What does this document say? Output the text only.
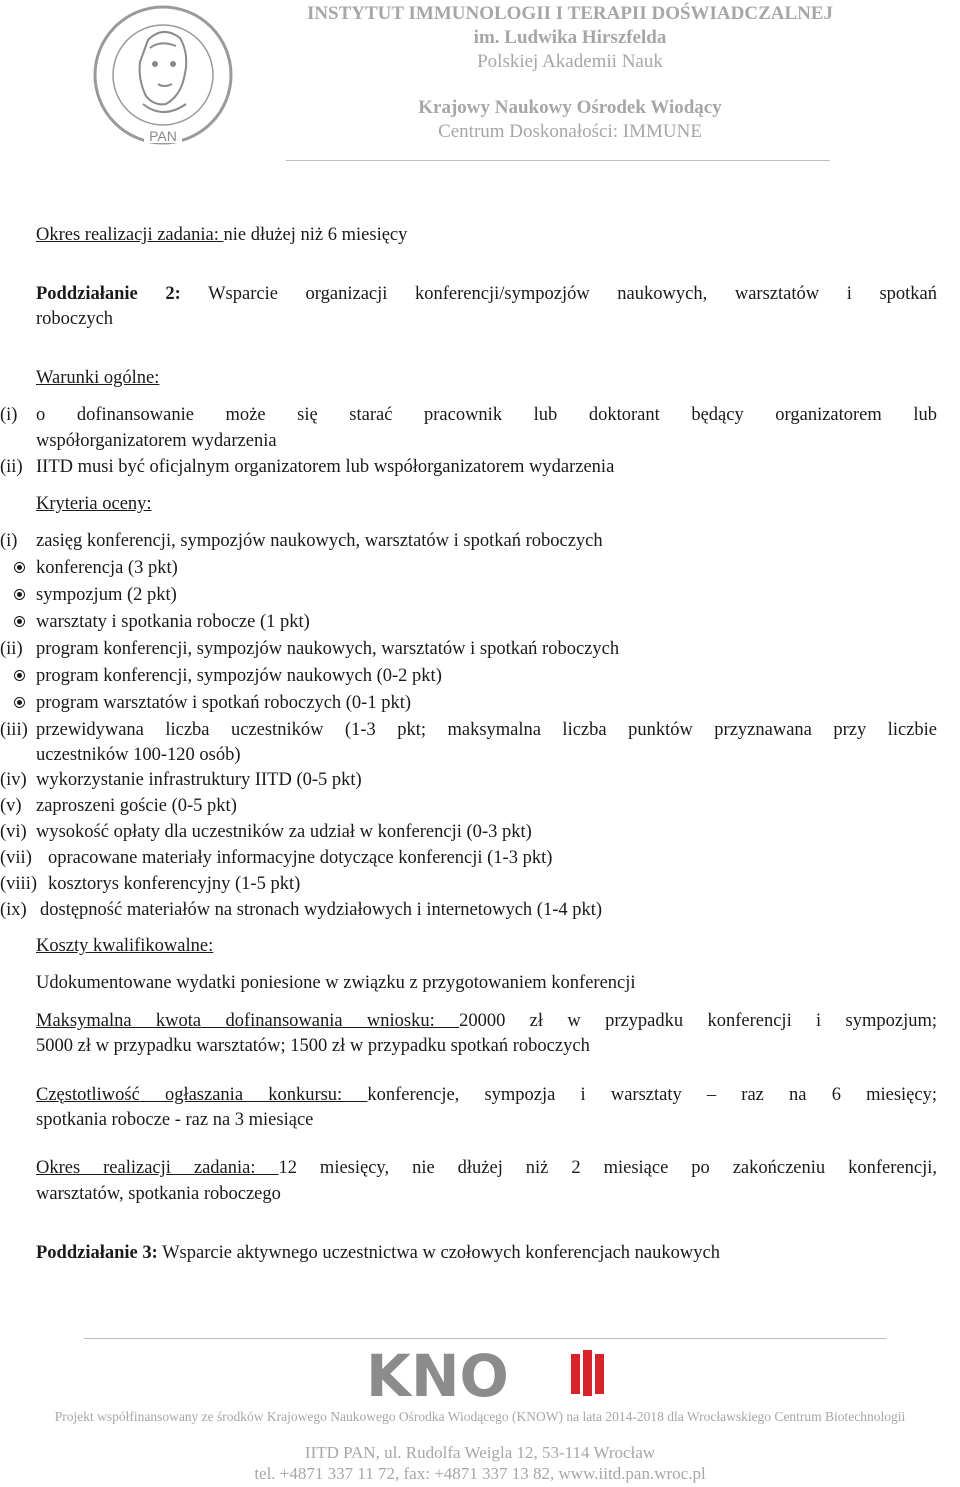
PAN
INSTYTUT IMMUNOLOGII I TERAPII DOŚWIADCZALNEJ
im. Ludwika Hirszfelda
Polskiej Akademii Nauk
Krajowy Naukowy Ośrodek Wiodący
Centrum Doskonałości: IMMUNE
Okres realizacji zadania: nie dłużej niż 6 miesięcy
Poddziałanie 2: Wsparcie organizacji konferencji/sympozjów naukowych, warsztatów i spotkań
roboczych
Warunki ogólne:
(i) o dofinansowanie może się starać pracownik lub doktorant będący organizatorem lub
współorganizatorem wydarzenia
(ii) IITD musi być oficjalnym organizatorem lub współorganizatorem wydarzenia
Kryteria oceny:
(i) zasięg konferencji, sympozjów naukowych, warsztatów i spotkań roboczych
konferencja (3 pkt)
sympozjum (2 pkt)
warsztaty i spotkania robocze (1 pkt)
(ii) program konferencji, sympozjów naukowych, warsztatów i spotkań roboczych
program konferencji, sympozjów naukowych (0-2 pkt)
program warsztatów i spotkań roboczych (0-1 pkt)
(iii) przewidywana liczba uczestników (1-3 pkt; maksymalna liczba punktów przyznawana przy liczbie
uczestników 100-120 osób)
(iv) wykorzystanie infrastruktury IITD (0-5 pkt)
(v) zaproszeni goście (0-5 pkt)
(vi) wysokość opłaty dla uczestników za udział w konferencji (0-3 pkt)
(vii) opracowane materiały informacyjne dotyczące konferencji (1-3 pkt)
(viii) kosztorys konferencyjny (1-5 pkt)
(ix) dostępność materiałów na stronach wydziałowych i internetowych (1-4 pkt)
Koszty kwalifikowalne:
Udokumentowane wydatki poniesione w związku z przygotowaniem konferencji
Maksymalna kwota dofinansowania wniosku: 20000 zł w przypadku konferencji i sympozjum;
5000 zł w przypadku warsztatów; 1500 zł w przypadku spotkań roboczych
Częstotliwość ogłaszania konkursu: konferencje, sympozja i warsztaty – raz na 6 miesięcy;
spotkania robocze - raz na 3 miesiące
Okres realizacji zadania: 12 miesięcy, nie dłużej niż 2 miesiące po zakończeniu konferencji,
warsztatów, spotkania roboczego
Poddziałanie 3: Wsparcie aktywnego uczestnictwa w czołowych konferencjach naukowych
KNO
Projekt współfinansowany ze środków Krajowego Naukowego Ośrodka Wiodącego (KNOW) na lata 2014-2018 dla Wrocławskiego Centrum Biotechnologii
IITD PAN, ul. Rudolfa Weigla 12, 53-114 Wrocław
tel. +4871 337 11 72, fax: +4871 337 13 82, www.iitd.pan.wroc.pl
